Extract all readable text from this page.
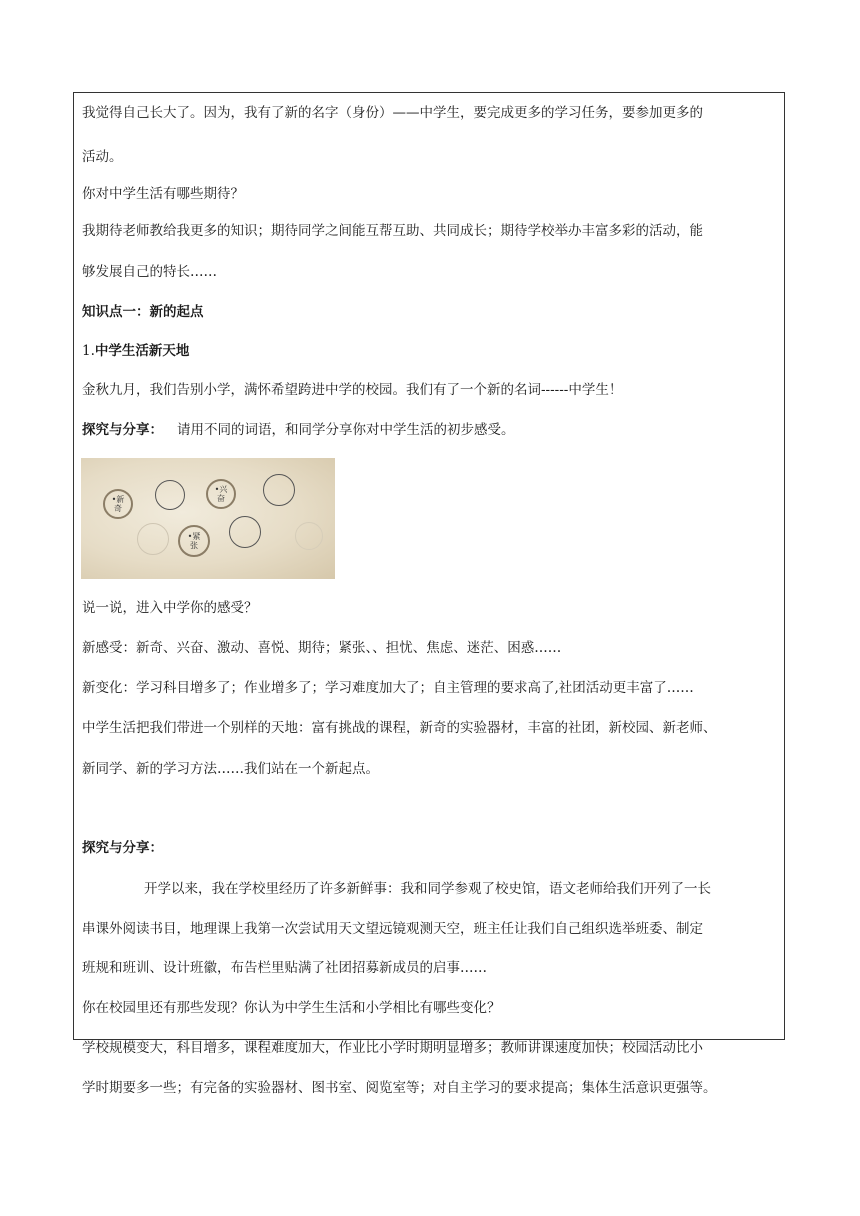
我觉得自己长大了。因为，我有了新的名字（身份）——中学生，要完成更多的学习任务，要参加更多的
活动。
你对中学生活有哪些期待？
我期待老师教给我更多的知识；期待同学之间能互帮互助、共同成长；期待学校举办丰富多彩的活动，能
够发展自己的特长……
知识点一：新的起点
1.中学生活新天地
金秋九月，我们告别小学，满怀希望跨进中学的校园。我们有了一个新的名词------中学生！
探究与分享： 请用不同的词语，和同学分享你对中学生活的初步感受。
•新
奇
•兴
奋
•紧
张
说一说，进入中学你的感受？
新感受：新奇、兴奋、激动、喜悦、期待；紧张、、担忧、焦虑、迷茫、困惑……
新变化：学习科目增多了；作业增多了；学习难度加大了；自主管理的要求高了,社团活动更丰富了……
中学生活把我们带进一个别样的天地：富有挑战的课程，新奇的实验器材，丰富的社团，新校园、新老师、
新同学、新的学习方法……我们站在一个新起点。
探究与分享：
开学以来，我在学校里经历了许多新鲜事：我和同学参观了校史馆，语文老师给我们开列了一长
串课外阅读书目，地理课上我第一次尝试用天文望远镜观测天空，班主任让我们自己组织选举班委、制定
班规和班训、设计班徽，布告栏里贴满了社团招募新成员的启事……
你在校园里还有那些发现？你认为中学生生活和小学相比有哪些变化？
学校规模变大，科目增多，课程难度加大，作业比小学时期明显增多；教师讲课速度加快；校园活动比小
学时期要多一些；有完备的实验器材、图书室、阅览室等；对自主学习的要求提高；集体生活意识更强等。
